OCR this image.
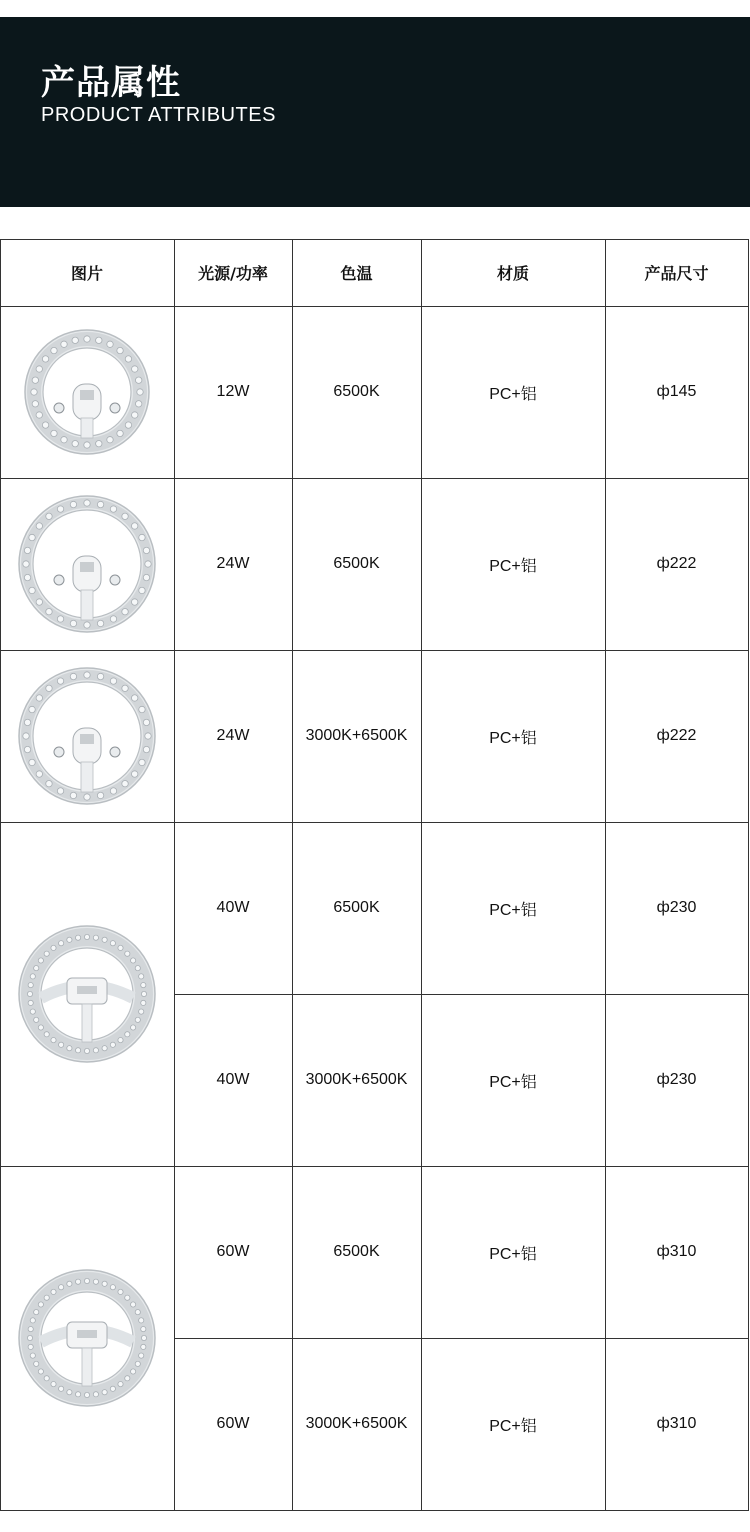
产品属性
PRODUCT ATTRIBUTES
图片	光源/功率	色温	材质	产品尺寸
12W	6500K	PC+铝	ф145
24W	6500K	PC+铝	ф222
24W	3000K+6500K	PC+铝	ф222
40W	6500K	PC+铝	ф230
40W	3000K+6500K	PC+铝	ф230
60W	6500K	PC+铝	ф310
60W	3000K+6500K	PC+铝	ф310
